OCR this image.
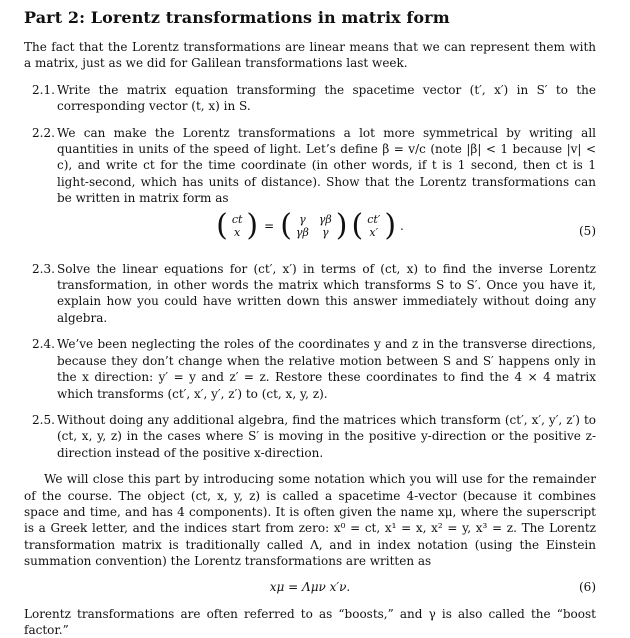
Part 2: Lorentz transformations in matrix form

The fact that the Lorentz transformations are linear means that we can represent them with a matrix, just as we did for Galilean transformations last week.

2.1. Write the matrix equation transforming the spacetime vector (t′, x′) in S′ to the corresponding vector (t, x) in S.

2.2. We can make the Lorentz transformations a lot more symmetrical by writing all quantities in units of the speed of light. Let’s define β = v/c (note |β| < 1 because |v| < c), and write ct for the time coordinate (in other words, if t is 1 second, then ct is 1 light-second, which has units of distance). Show that the Lorentz transformations can be written in matrix form as

( ct
x ) = ( γ γβ
γβ γ ) ( ct′
x′ ) .	(5)

2.3. Solve the linear equations for (ct′, x′) in terms of (ct, x) to find the inverse Lorentz transformation, in other words the matrix which transforms S to S′. Once you have it, explain how you could have written down this answer immediately without doing any algebra.

2.4. We’ve been neglecting the roles of the coordinates y and z in the transverse directions, because they don’t change when the relative motion between S and S′ happens only in the x direction: y′ = y and z′ = z. Restore these coordinates to find the 4 × 4 matrix which transforms (ct′, x′, y′, z′) to (ct, x, y, z).

2.5. Without doing any additional algebra, find the matrices which transform (ct′, x′, y′, z′) to (ct, x, y, z) in the cases where S′ is moving in the positive y-direction or the positive z-direction instead of the positive x-direction.

We will close this part by introducing some notation which you will use for the remainder of the course. The object (ct, x, y, z) is called a spacetime 4-vector (because it combines space and time, and has 4 components). It is often given the name xμ, where the superscript is a Greek letter, and the indices start from zero: x⁰ = ct, x¹ = x, x² = y, x³ = z. The Lorentz transformation matrix is traditionally called Λ, and in index notation (using the Einstein summation convention) the Lorentz transformations are written as

xμ = Λμν x′ν.	(6)

Lorentz transformations are often referred to as “boosts,” and γ is also called the “boost factor.”
